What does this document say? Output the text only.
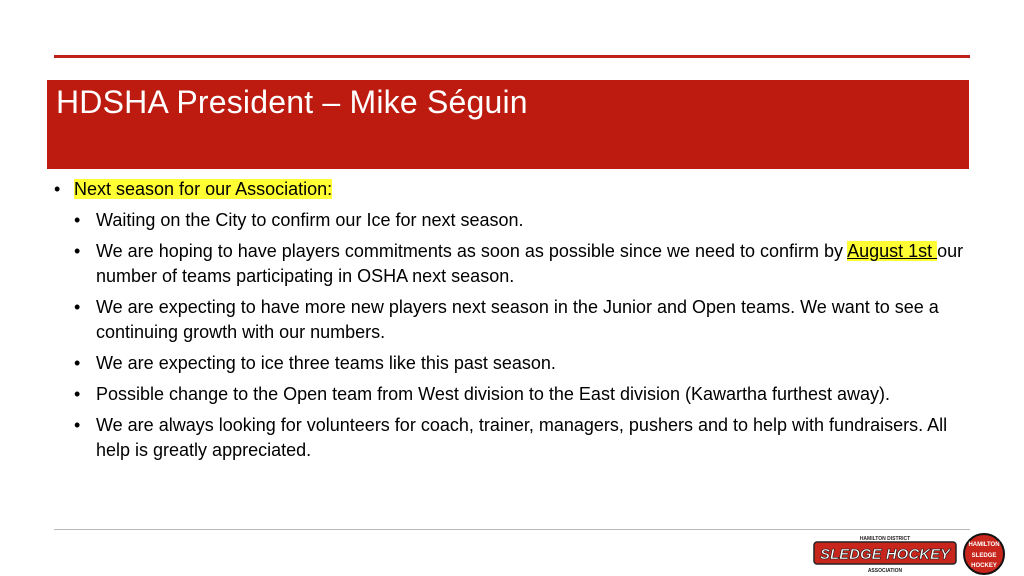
HDSHA President – Mike Séguin
• Next season for our Association:
• Waiting on the City to confirm our Ice for next season.
• We are hoping to have players commitments as soon as possible since we need to confirm by August 1st our number of teams participating in OSHA next season.
• We are expecting to have more new players next season in the Junior and Open teams. We want to see a continuing growth with our numbers.
• We are expecting to ice three teams like this past season.
• Possible change to the Open team from West division to the East division (Kawartha furthest away).
• We are always looking for volunteers for coach, trainer, managers, pushers and to help with fundraisers. All help is greatly appreciated.
HAMILTON DISTRICT
SLEDGE HOCKEY
ASSOCIATION
HAMILTON
SLEDGE
HOCKEY
